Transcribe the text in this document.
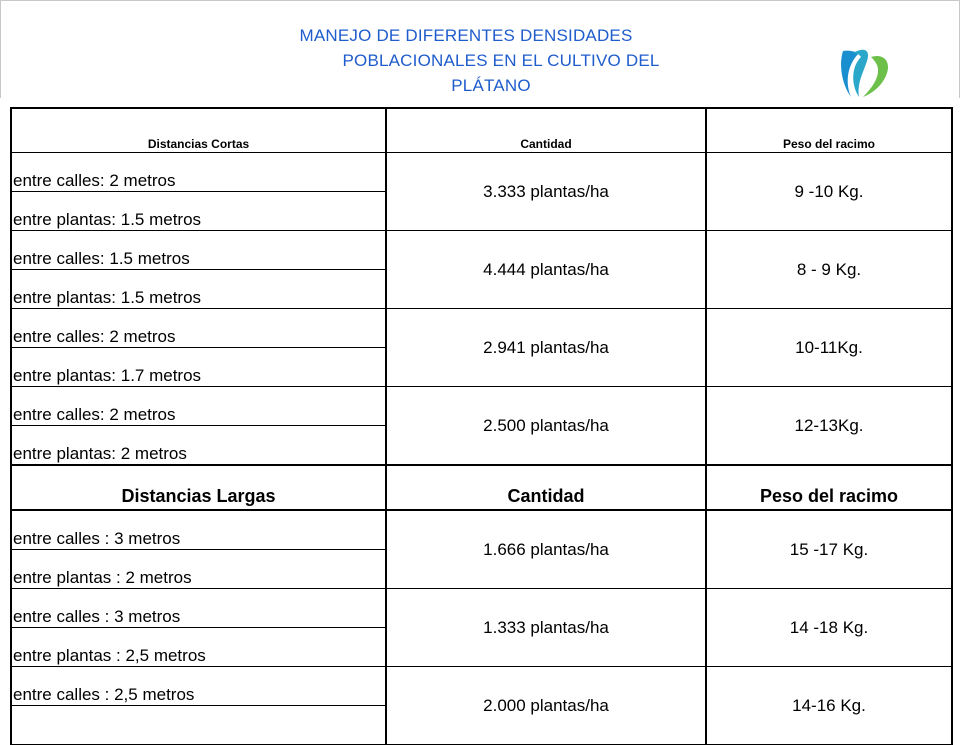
MANEJO DE DIFERENTES DENSIDADES
POBLACIONALES EN EL CULTIVO DEL
PLÁTANO
Distancias Cortas	Cantidad	Peso del racimo
entre calles: 2 metros	3.333 plantas/ha	9 -10 Kg.
entre plantas: 1.5 metros		
entre calles: 1.5 metros	4.444 plantas/ha	8 - 9 Kg.
entre plantas: 1.5 metros		
entre calles: 2 metros	2.941 plantas/ha	10-11Kg.
entre plantas: 1.7 metros		
entre calles: 2 metros	2.500 plantas/ha	12-13Kg.
entre plantas: 2 metros		
Distancias Largas	Cantidad	Peso del racimo
entre calles : 3 metros	1.666 plantas/ha	15 -17 Kg.
entre plantas : 2 metros		
entre calles : 3 metros	1.333 plantas/ha	14 -18 Kg.
entre plantas : 2,5 metros		
entre calles : 2,5 metros	2.000 plantas/ha	14-16 Kg.
